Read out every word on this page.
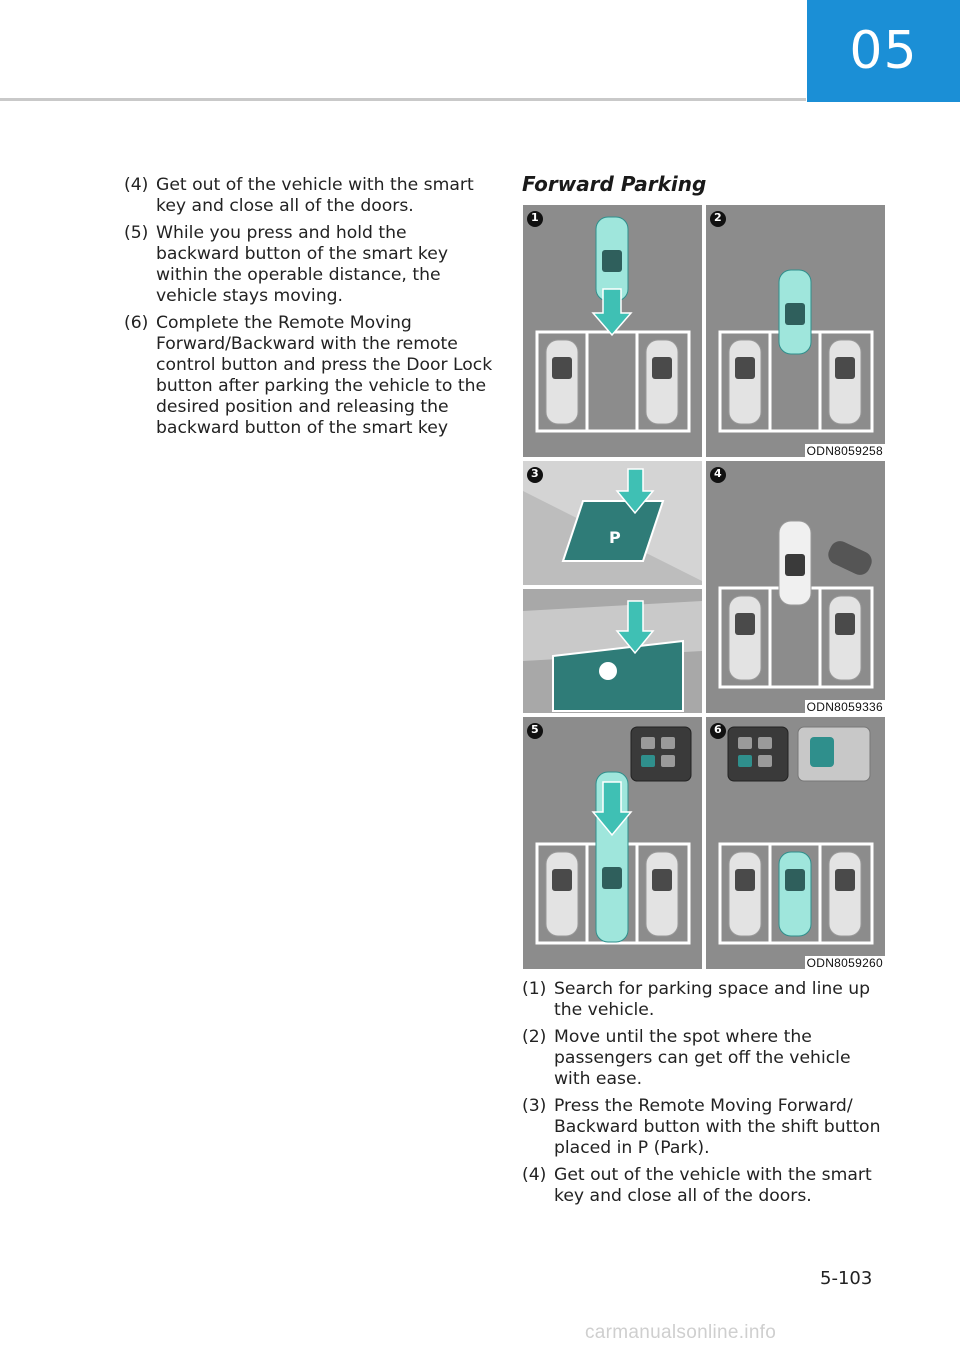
05
(4) Get out of the vehicle with the smart key and close all of the doors.
(5) While you press and hold the backward button of the smart key within the operable distance, the vehicle stays moving.
(6) Complete the Remote Moving Forward/Backward with the remote control button and press the Door Lock button after parking the vehicle to the desired position and releasing the backward button of the smart key
Forward Parking
ODN8059258
P
ODN8059336
ODN8059260
1	2
3	4
5	6
(1) Search for parking space and line up the vehicle.
(2) Move until the spot where the passengers can get off the vehicle with ease.
(3) Press the Remote Moving Forward/ Backward button with the shift button placed in P (Park).
(4) Get out of the vehicle with the smart key and close all of the doors.
5-103
carmanualsonline.info
